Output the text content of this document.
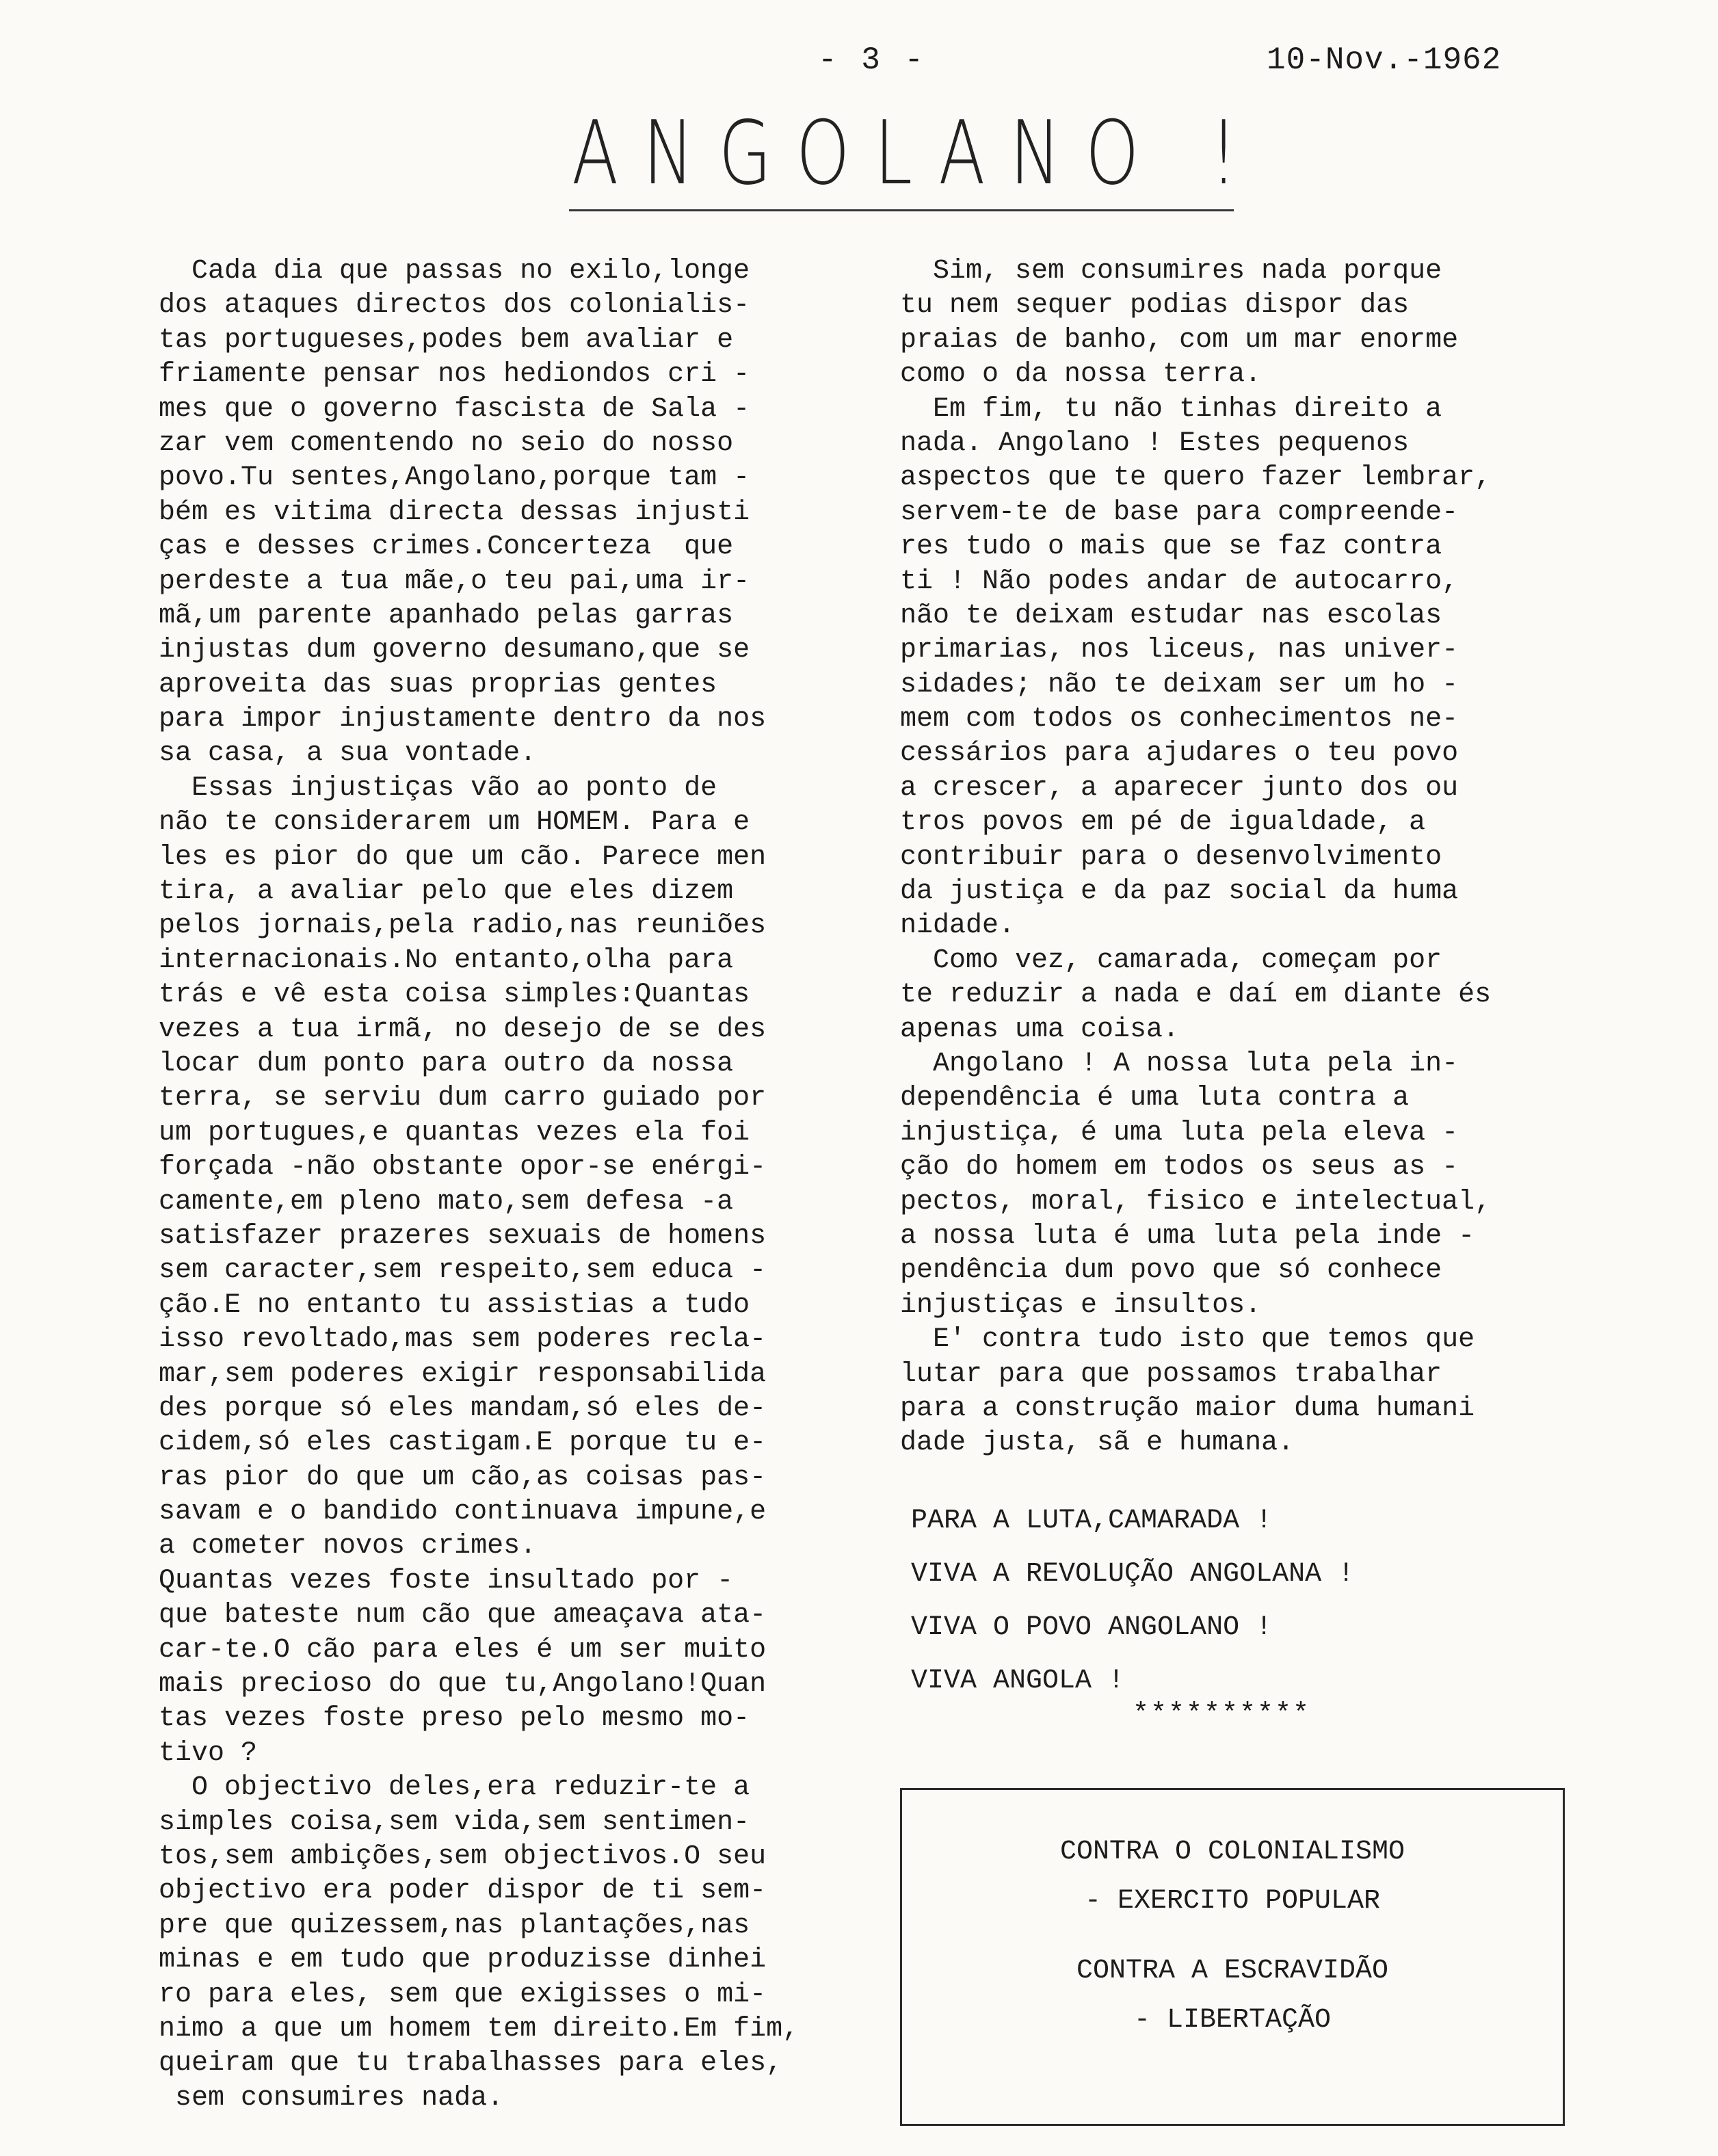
- 3 -	10-Nov.-1962
ANGOLANO !
Cada dia que passas no exilo,longe
dos ataques directos dos colonialis-
tas portugueses,podes bem avaliar e
friamente pensar nos hediondos cri -
mes que o governo fascista de Sala -
zar vem comentendo no seio do nosso
povo.Tu sentes,Angolano,porque tam -
bém es vitima directa dessas injusti
ças e desses crimes.Concerteza  que
perdeste a tua mãe,o teu pai,uma ir-
mã,um parente apanhado pelas garras
injustas dum governo desumano,que se
aproveita das suas proprias gentes
para impor injustamente dentro da nos
sa casa, a sua vontade.
Essas injustiças vão ao ponto de
não te considerarem um HOMEM. Para e
les es pior do que um cão. Parece men
tira, a avaliar pelo que eles dizem
pelos jornais,pela radio,nas reuniões
internacionais.No entanto,olha para
trás e vê esta coisa simples:Quantas
vezes a tua irmã, no desejo de se des
locar dum ponto para outro da nossa
terra, se serviu dum carro guiado por
um portugues,e quantas vezes ela foi
forçada -não obstante opor-se enérgi-
camente,em pleno mato,sem defesa -a
satisfazer prazeres sexuais de homens
sem caracter,sem respeito,sem educa -
ção.E no entanto tu assistias a tudo
isso revoltado,mas sem poderes recla-
mar,sem poderes exigir responsabilida
des porque só eles mandam,só eles de-
cidem,só eles castigam.E porque tu e-
ras pior do que um cão,as coisas pas-
savam e o bandido continuava impune,e
a cometer novos crimes.
Quantas vezes foste insultado por -
que bateste num cão que ameaçava ata-
car-te.O cão para eles é um ser muito
mais precioso do que tu,Angolano!Quan
tas vezes foste preso pelo mesmo mo-
tivo ?
O objectivo deles,era reduzir-te a
simples coisa,sem vida,sem sentimen-
tos,sem ambições,sem objectivos.O seu
objectivo era poder dispor de ti sem-
pre que quizessem,nas plantações,nas
minas e em tudo que produzisse dinhei
ro para eles, sem que exigisses o mi-
nimo a que um homem tem direito.Em fim,
queiram que tu trabalhasses para eles,
sem consumires nada.
Sim, sem consumires nada porque
tu nem sequer podias dispor das
praias de banho, com um mar enorme
como o da nossa terra.
Em fim, tu não tinhas direito a
nada. Angolano ! Estes pequenos
aspectos que te quero fazer lembrar,
servem-te de base para compreende-
res tudo o mais que se faz contra
ti ! Não podes andar de autocarro,
não te deixam estudar nas escolas
primarias, nos liceus, nas univer-
sidades; não te deixam ser um ho -
mem com todos os conhecimentos ne-
cessários para ajudares o teu povo
a crescer, a aparecer junto dos ou
tros povos em pé de igualdade, a
contribuir para o desenvolvimento
da justiça e da paz social da huma
nidade.
Como vez, camarada, começam por
te reduzir a nada e daí em diante és
apenas uma coisa.
Angolano ! A nossa luta pela in-
dependência é uma luta contra a
injustiça, é uma luta pela eleva -
ção do homem em todos os seus as -
pectos, moral, fisico e intelectual,
a nossa luta é uma luta pela inde -
pendência dum povo que só conhece
injustiças e insultos.
E' contra tudo isto que temos que
lutar para que possamos trabalhar
para a construção maior duma humani
dade justa, sã e humana.
PARA A LUTA,CAMARADA !
VIVA A REVOLUÇÃO ANGOLANA !
VIVA O POVO ANGOLANO !
VIVA ANGOLA !
**********
CONTRA O COLONIALISMO
- EXERCITO POPULAR
CONTRA A ESCRAVIDÃO
- LIBERTAÇÃO
